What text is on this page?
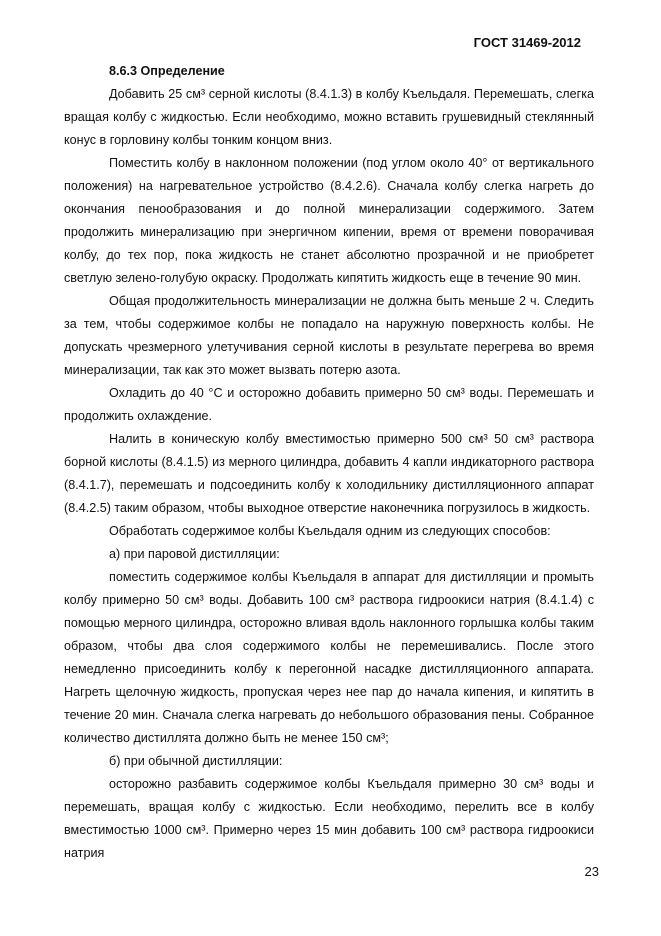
ГОСТ 31469-2012

8.6.3 Определение

Добавить 25 см³ серной кислоты (8.4.1.3) в колбу Къельдаля. Перемешать, слегка вращая колбу с жидкостью. Если необходимо, можно вставить грушевидный стеклянный конус в горловину колбы тонким концом вниз.

Поместить колбу в наклонном положении (под углом около 40° от вертикального положения) на нагревательное устройство (8.4.2.6). Сначала колбу слегка нагреть до окончания пенообразования и до полной минерализации содержимого. Затем продолжить минерализацию при энергичном кипении, время от времени поворачивая колбу, до тех пор, пока жидкость не станет абсолютно прозрачной и не приобретет светлую зелено-голубую окраску. Продолжать кипятить жидкость еще в течение 90 мин.

Общая продолжительность минерализации не должна быть меньше 2 ч. Следить за тем, чтобы содержимое колбы не попадало на наружную поверхность колбы. Не допускать чрезмерного улетучивания серной кислоты в результате перегрева во время минерализации, так как это может вызвать потерю азота.

Охладить до 40 °С и осторожно добавить примерно 50 см³ воды. Перемешать и продолжить охлаждение.

Налить в коническую колбу вместимостью примерно 500 см³ 50 см³ раствора борной кислоты (8.4.1.5) из мерного цилиндра, добавить 4 капли индикаторного раствора (8.4.1.7), перемешать и подсоединить колбу к холодильнику дистилляционного аппарат (8.4.2.5) таким образом, чтобы выходное отверстие наконечника погрузилось в жидкость.

Обработать содержимое колбы Къельдаля одним из следующих способов:

а) при паровой дистилляции:

поместить содержимое колбы Къельдаля в аппарат для дистилляции и промыть колбу примерно 50 см³ воды. Добавить 100 см³ раствора гидроокиси натрия (8.4.1.4) с помощью мерного цилиндра, осторожно вливая вдоль наклонного горлышка колбы таким образом, чтобы два слоя содержимого колбы не перемешивались. После этого немедленно присоединить колбу к перегонной насадке дистилляционного аппарата. Нагреть щелочную жидкость, пропуская через нее пар до начала кипения, и кипятить в течение 20 мин. Сначала слегка нагревать до небольшого образования пены. Собранное количество дистиллята должно быть не менее 150 см³;

б) при обычной дистилляции:

осторожно разбавить содержимое колбы Къельдаля примерно 30 см³ воды и перемешать, вращая колбу с жидкостью. Если необходимо, перелить все в колбу вместимостью 1000 см³. Примерно через 15 мин добавить 100 см³ раствора гидроокиси натрия

23
